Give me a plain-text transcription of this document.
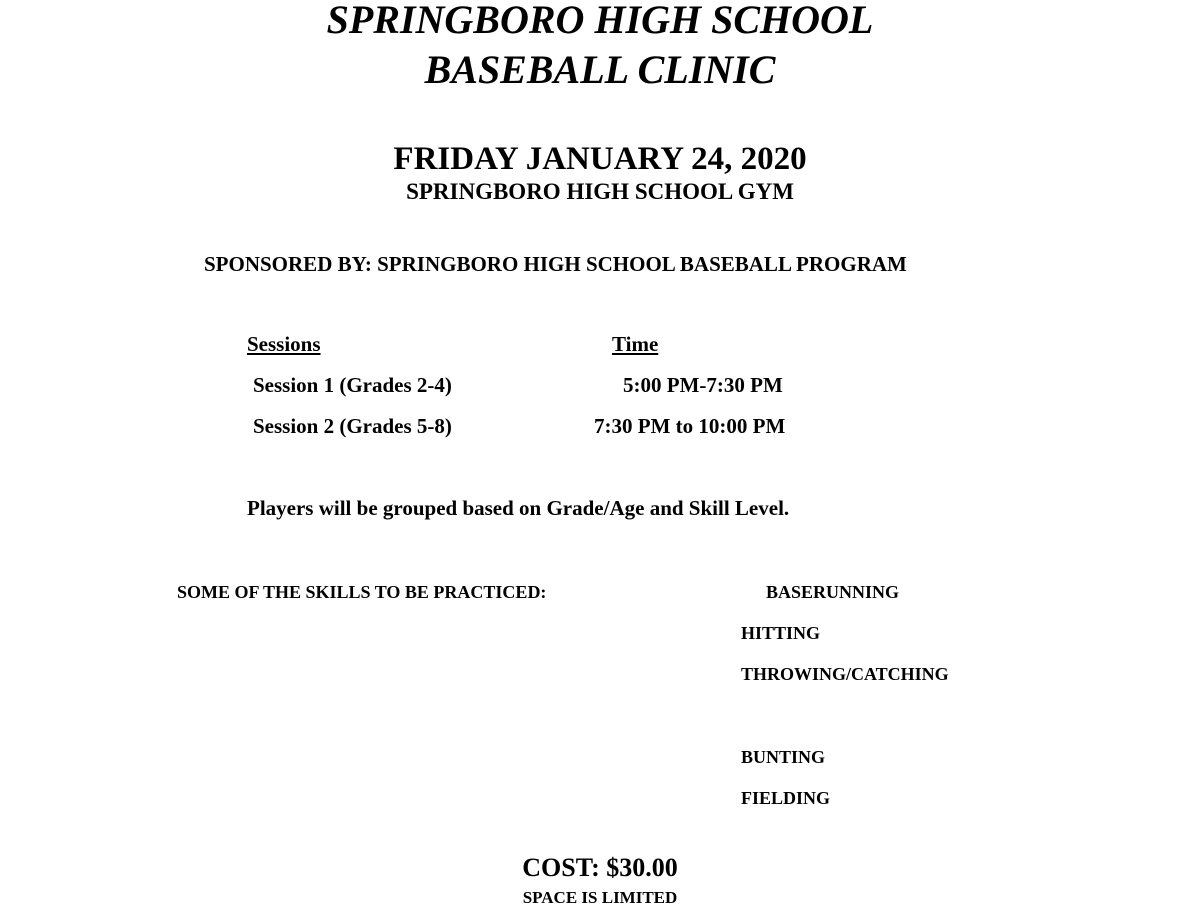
SPRINGBORO HIGH SCHOOL
BASEBALL CLINIC
FRIDAY JANUARY 24, 2020
SPRINGBORO HIGH SCHOOL GYM
SPONSORED BY: SPRINGBORO HIGH SCHOOL BASEBALL PROGRAM
Sessions	Time
Session 1 (Grades 2-4)	5:00 PM-7:30 PM
Session 2 (Grades 5-8)	7:30 PM to 10:00 PM
Players will be grouped based on Grade/Age and Skill Level.
SOME OF THE SKILLS TO BE PRACTICED:	BASERUNNING
HITTING
THROWING/CATCHING
BUNTING
FIELDING
COST: $30.00
SPACE IS LIMITED
